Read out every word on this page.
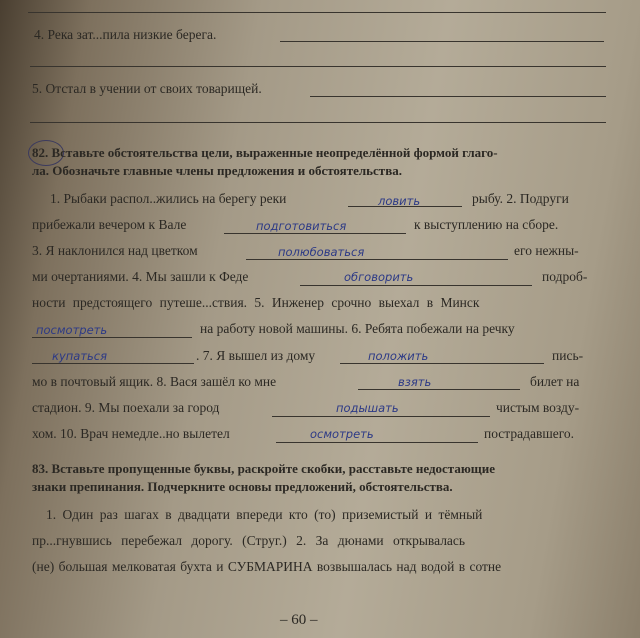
4. Река зат...пила низкие берега.
5. Отстал в учении от своих товарищей.
82. Вставьте обстоятельства цели, выраженные неопределённой формой глаго-
ла. Обозначьте главные члены предложения и обстоятельства.
1. Рыбаки распол..жились на берегу реки	ловить	рыбу. 2. Подруги
прибежали вечером к Вале	подготовиться	к выступлению на сборе.
3. Я наклонился над цветком	полюбоваться	его нежны-
ми очертаниями. 4. Мы зашли к Феде	обговорить	подроб-
ности предстоящего путеше...ствия. 5. Инженер срочно выехал в Минск
посмотреть	на работу новой машины. 6. Ребята побежали на речку
купаться	. 7. Я вышел из дому	положить	пись-
мо в почтовый ящик. 8. Вася зашёл ко мне	взять	билет на
стадион. 9. Мы поехали за город	подышать	чистым возду-
хом. 10. Врач немедле..но вылетел	осмотреть	пострадавшего.
83. Вставьте пропущенные буквы, раскройте скобки, расставьте недостающие
знаки препинания. Подчеркните основы предложений, обстоятельства.
1. Один раз шагах в двадцати впереди кто (то) приземистый и тёмный
пр...гнувшись перебежал дорогу. (Струг.) 2. За дюнами открывалась
(не) большая мелковатая бухта и СУБМАРИНА возвышалась над водой в сотне
– 60 –
